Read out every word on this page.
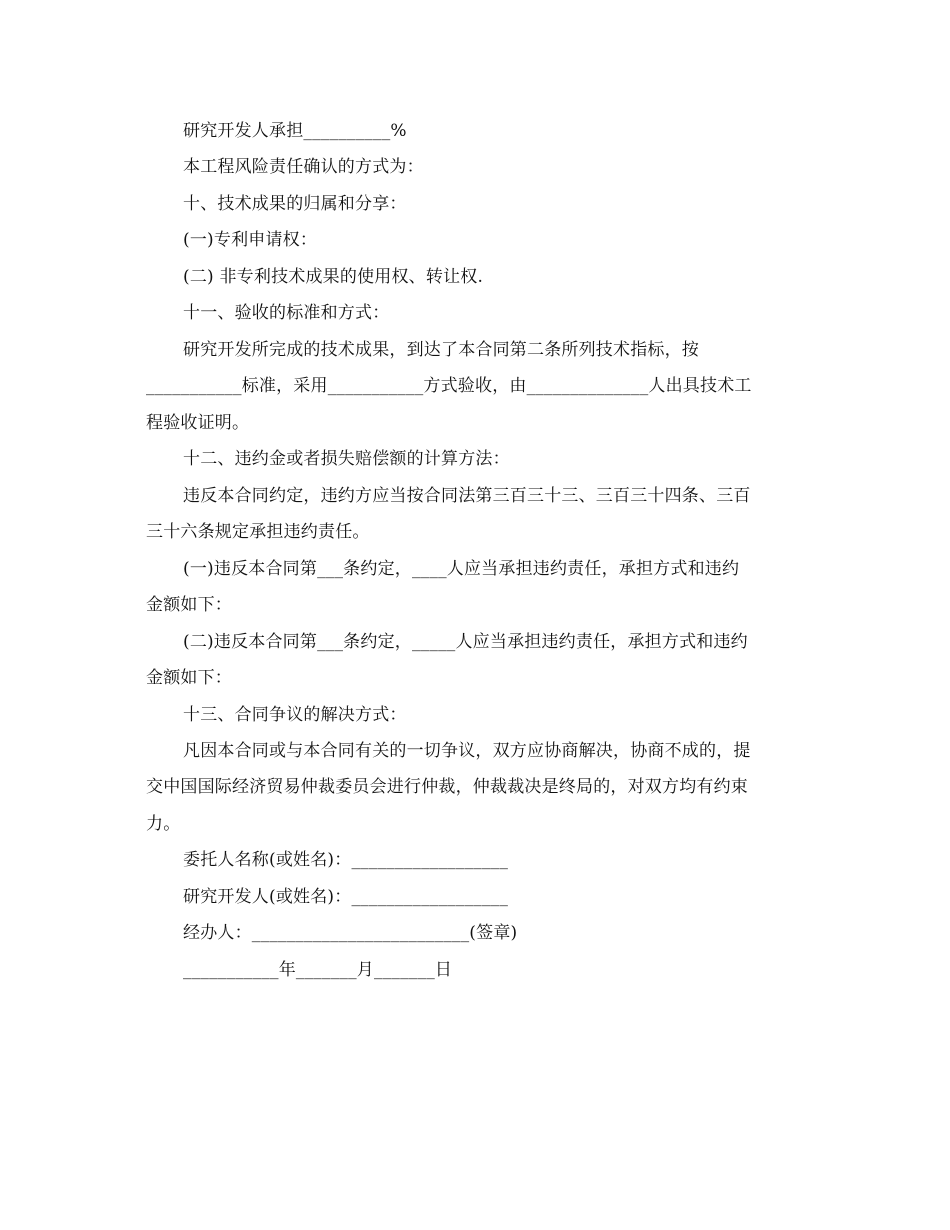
研究开发人承担__________%
本工程风险责任确认的方式为：
十、技术成果的归属和分享：
(一)专利申请权：
(二) 非专利技术成果的使用权、转让权.
十一、验收的标准和方式：
研究开发所完成的技术成果，到达了本合同第二条所列技术指标，按
___________标准，采用___________方式验收，由______________人出具技术工
程验收证明。
十二、违约金或者损失赔偿额的计算方法：
违反本合同约定，违约方应当按合同法第三百三十三、三百三十四条、三百
三十六条规定承担违约责任。
(一)违反本合同第___条约定，____人应当承担违约责任，承担方式和违约
金额如下：
(二)违反本合同第___条约定，_____人应当承担违约责任，承担方式和违约
金额如下：
十三、合同争议的解决方式：
凡因本合同或与本合同有关的一切争议，双方应协商解决，协商不成的，提
交中国国际经济贸易仲裁委员会进行仲裁，仲裁裁决是终局的，对双方均有约束
力。
委托人名称(或姓名)：__________________
研究开发人(或姓名)：__________________
经办人：_________________________(签章)
___________年_______月_______日
